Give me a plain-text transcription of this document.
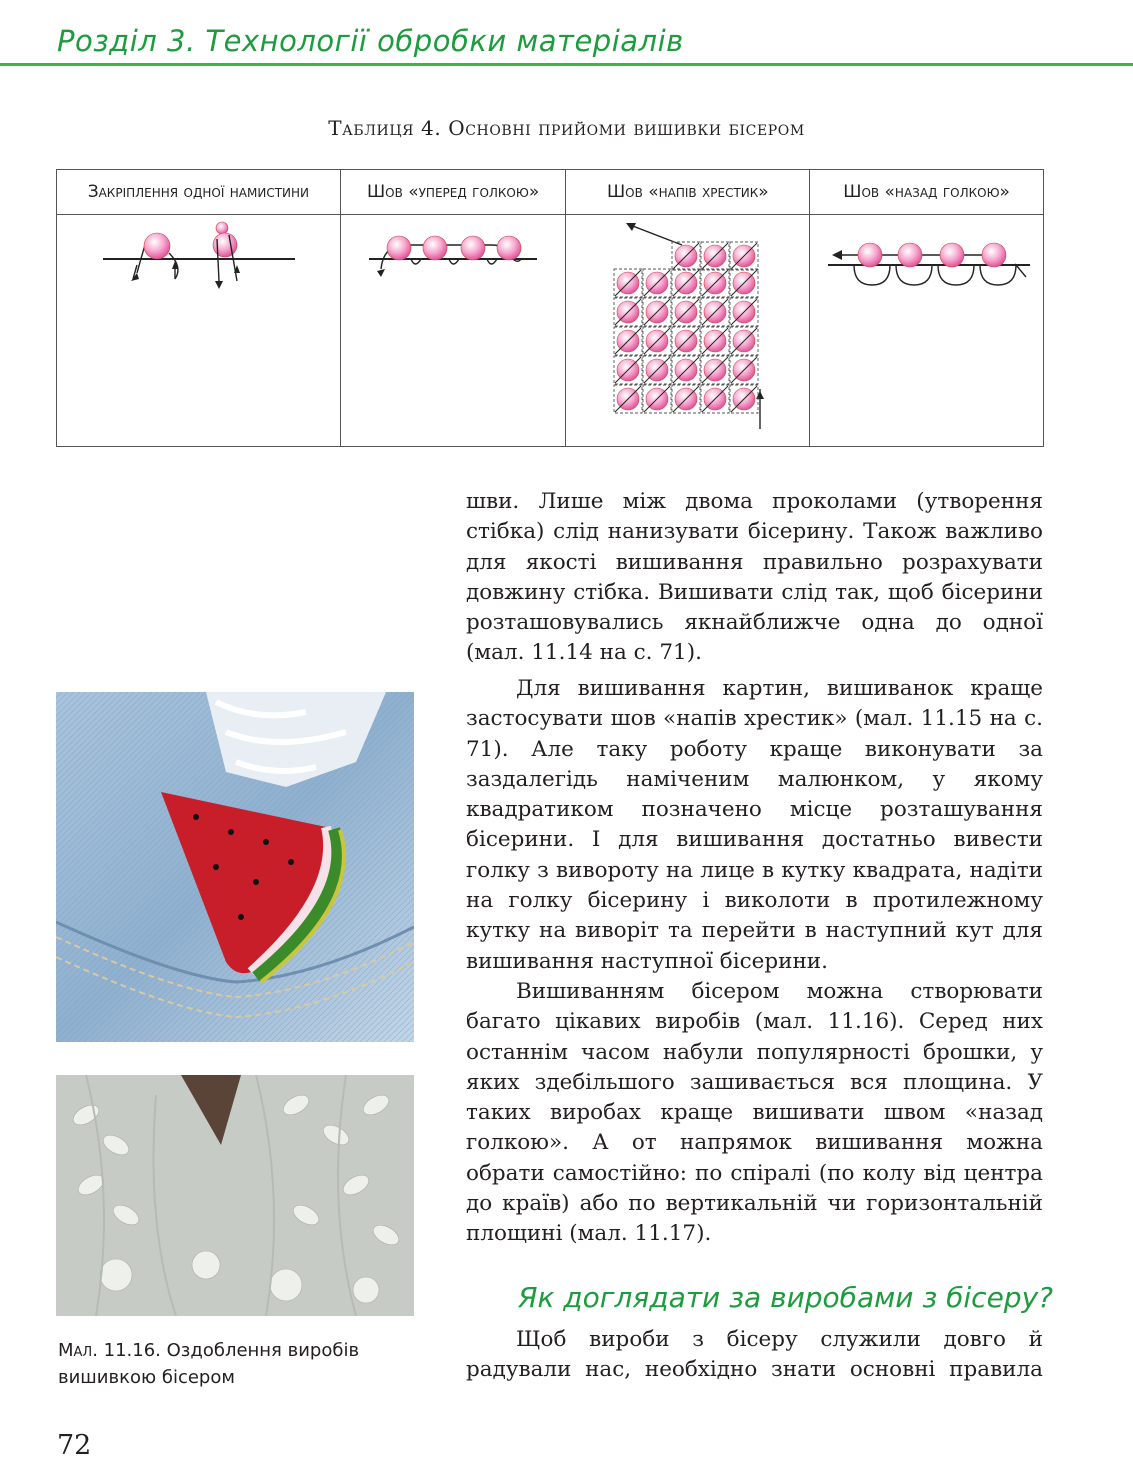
Розділ 3. Технології обробки матеріалів
Таблиця 4. Основні прийоми вишивки бісером
Закріплення одної намистини	Шов «уперед голкою»	Шов «напів хрестик»	Шов «назад голкою»

Мал. 11.16. Оздоблення виробів вишивкою бісером
шви. Лише між двома проколами (утворення стібка) слід нанизувати бісерину. Також важливо для якості вишивання правильно розрахувати довжину стібка. Вишивати слід так, щоб бісерини розташовувались якнайближче одна до одної (мал. 11.14 на с. 71).
Для вишивання картин, вишиванок краще застосувати шов «напів хрестик» (мал. 11.15 на с. 71). Але таку роботу краще виконувати за заздалегідь наміченим малюнком, у якому квадратиком позначено місце розташування бісерини. І для вишивання достатньо вивести голку з вивороту на лице в кутку квадрата, надіти на голку бісерину і виколоти в протилежному кутку на виворіт та перейти в наступний кут для вишивання наступної бісерини.
Вишиванням бісером можна створювати багато цікавих виробів (мал. 11.16). Серед них останнім часом набули популярності брошки, у яких здебільшого зашивається вся площина. У таких виробах краще вишивати швом «назад голкою». А от напрямок вишивання можна обрати самостійно: по спіралі (по колу від центра до країв) або по вертикальній чи горизонтальній площині (мал. 11.17).
Як доглядати за виробами з бісеру?
Щоб вироби з бісеру служили довго й радували нас, необхідно знати основні правила
72
